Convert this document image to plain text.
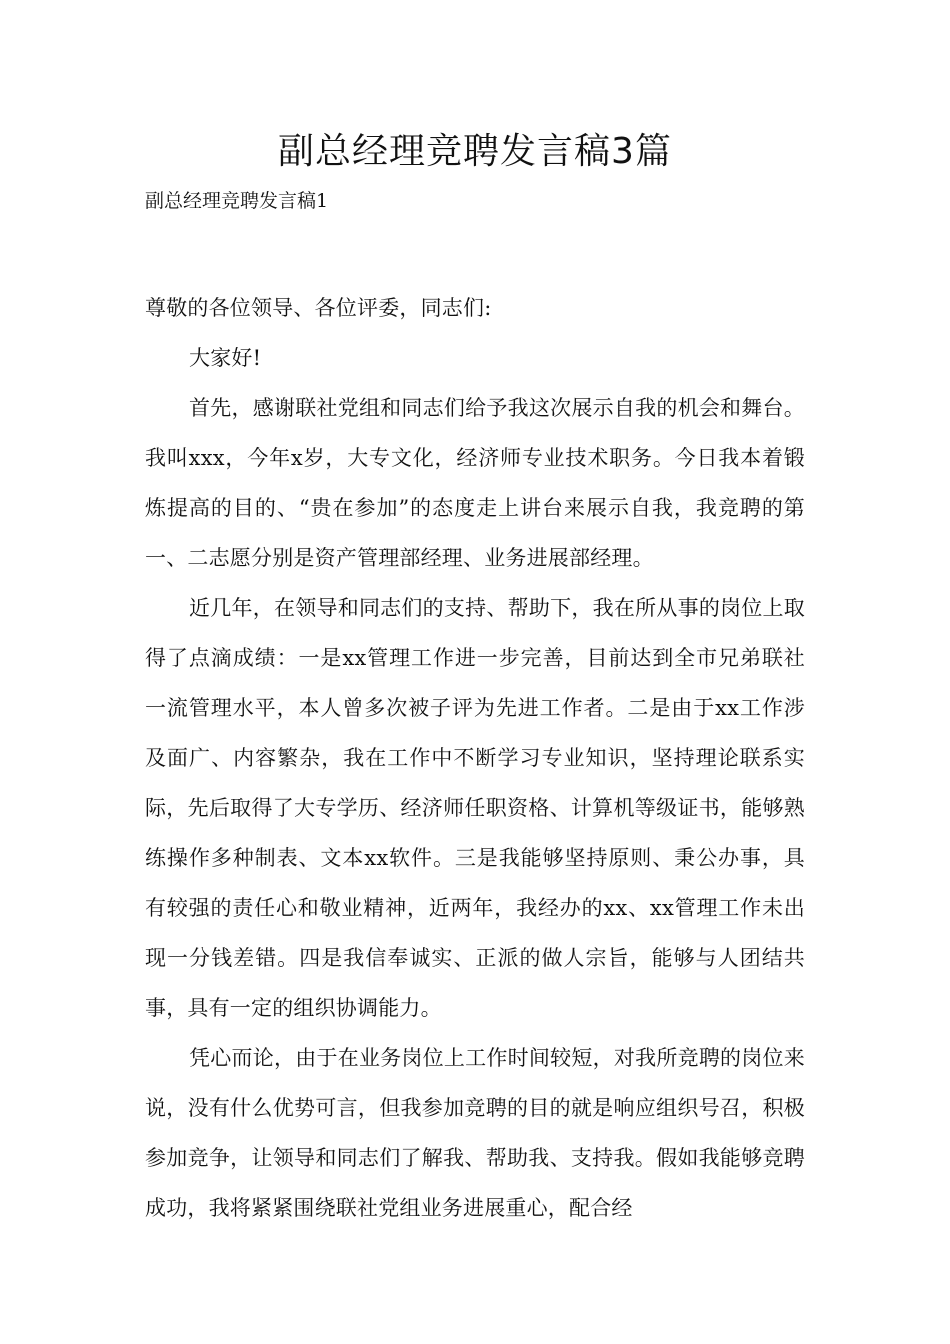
副总经理竞聘发言稿3篇
副总经理竞聘发言稿1

尊敬的各位领导、各位评委，同志们:

大家好!

首先，感谢联社党组和同志们给予我这次展示自我的机会和舞台。我叫xxx，今年x岁，大专文化，经济师专业技术职务。今日我本着锻炼提高的目的、“贵在参加”的态度走上讲台来展示自我，我竞聘的第一、二志愿分别是资产管理部经理、业务进展部经理。

近几年，在领导和同志们的支持、帮助下，我在所从事的岗位上取得了点滴成绩：一是xx管理工作进一步完善，目前达到全市兄弟联社一流管理水平，本人曾多次被子评为先进工作者。二是由于xx工作涉及面广、内容繁杂，我在工作中不断学习专业知识，坚持理论联系实际，先后取得了大专学历、经济师任职资格、计算机等级证书，能够熟练操作多种制表、文本xx软件。三是我能够坚持原则、秉公办事，具有较强的责任心和敬业精神，近两年，我经办的xx、xx管理工作未出现一分钱差错。四是我信奉诚实、正派的做人宗旨，能够与人团结共事，具有一定的组织协调能力。

凭心而论，由于在业务岗位上工作时间较短，对我所竞聘的岗位来说，没有什么优势可言，但我参加竞聘的目的就是响应组织号召，积极参加竞争，让领导和同志们了解我、帮助我、支持我。假如我能够竞聘成功，我将紧紧围绕联社党组业务进展重心，配合经
